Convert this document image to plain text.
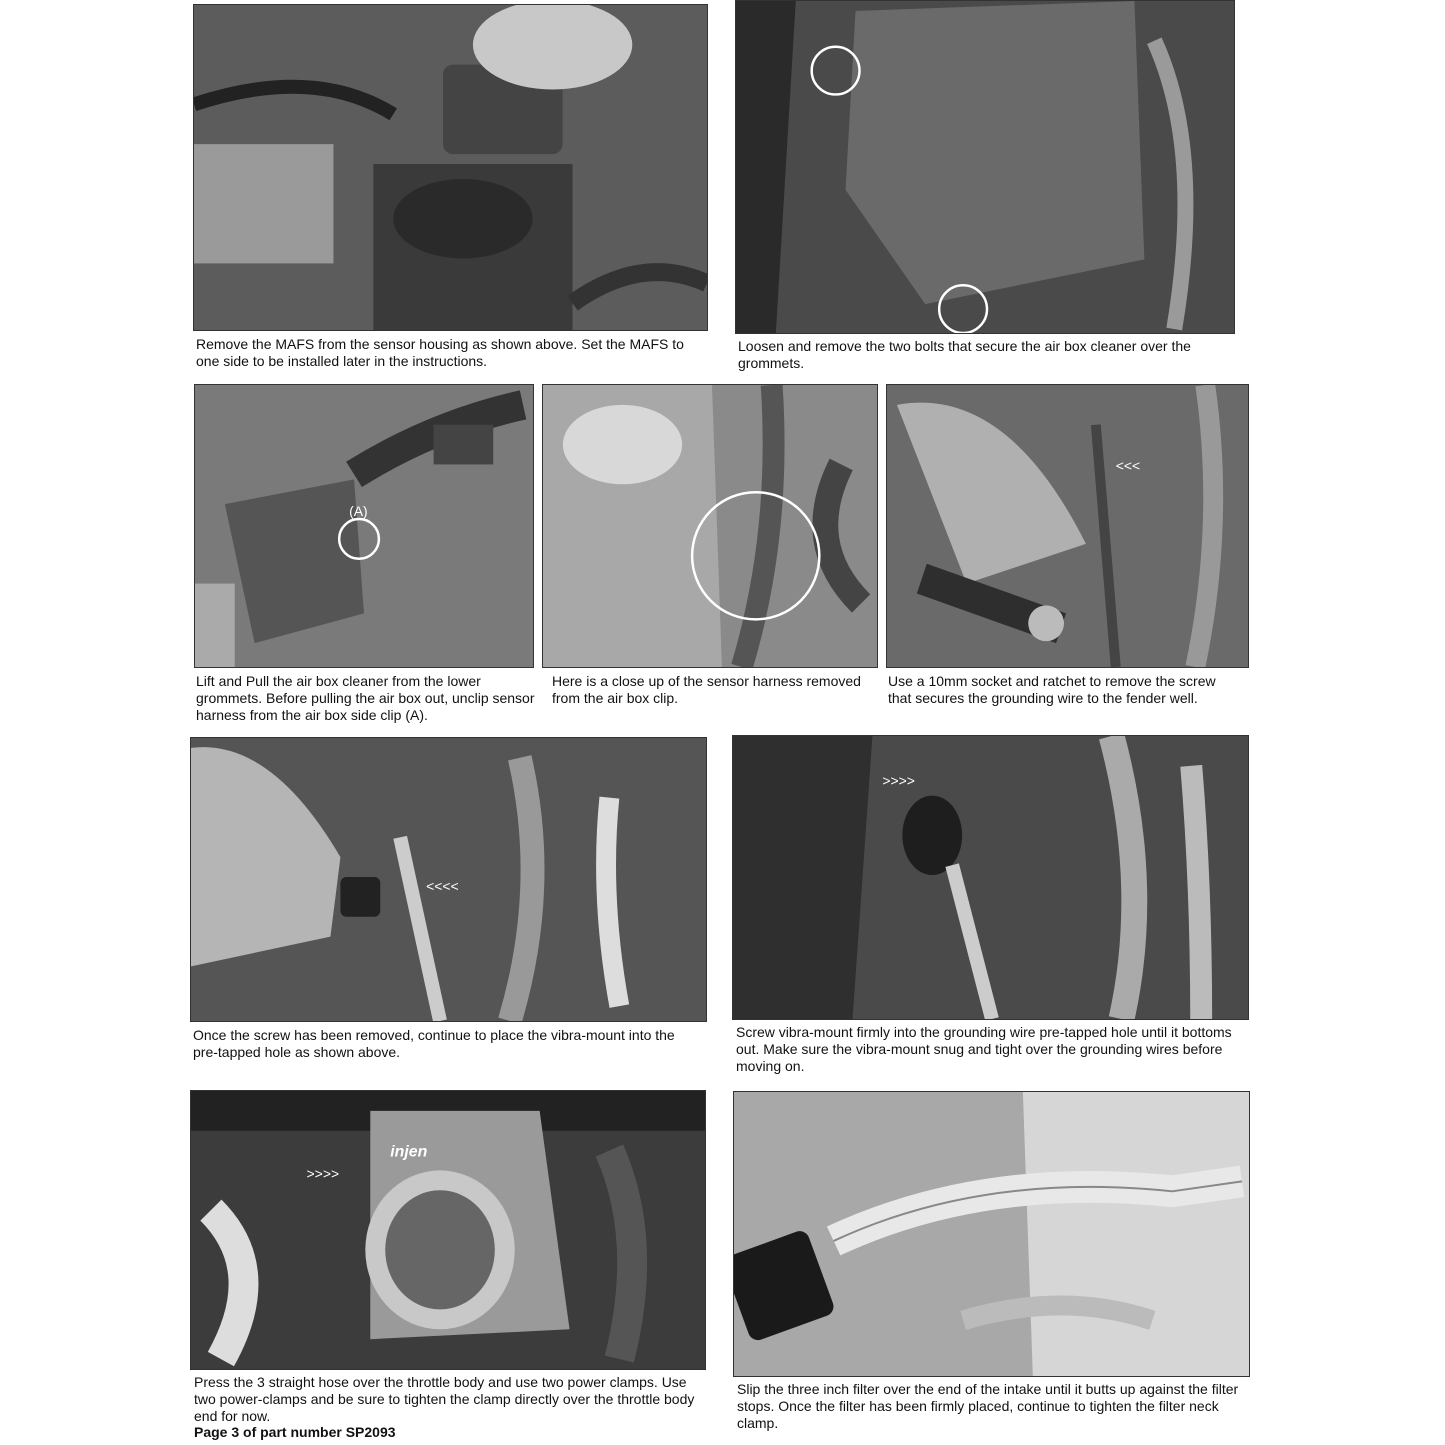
Remove the MAFS from the sensor housing as shown above. Set the MAFS to one side to be installed later in the instructions.
Loosen and remove the two bolts that secure the air box cleaner over the grommets.
(A)
Lift and Pull the air box cleaner from the lower grommets. Before pulling the air box out, unclip sensor harness from the air box side clip (A).
Here is a close up of the sensor harness removed from the air box clip.
<<<
Use a 10mm socket and ratchet to remove the screw that secures the grounding wire to the fender well.
<<<<
Once the screw has been removed, continue to place the vibra-mount into the pre-tapped hole as shown above.
>>>>
Screw vibra-mount firmly into the grounding wire pre-tapped hole until it bottoms out. Make sure the vibra-mount snug and tight over the grounding wires before moving on.
injen
>>>>
Press the 3 straight hose over the throttle body and use two power clamps. Use two power-clamps and be sure to tighten the clamp directly over the throttle body end for now.
Slip the three inch filter over the end of the intake until it butts up against the filter stops. Once the filter has been firmly placed, continue to tighten the filter neck clamp.
Page 3 of part number SP2093
